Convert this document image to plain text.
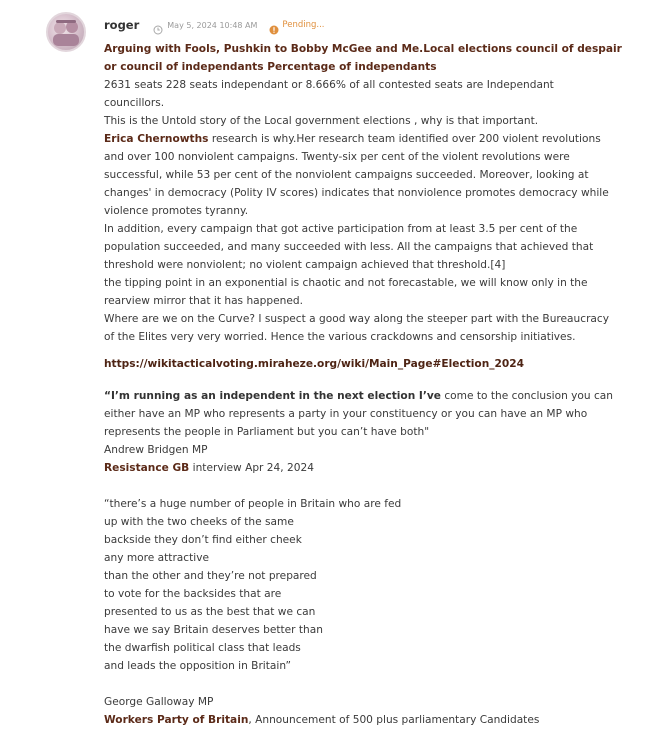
roger	May 5, 2024 10:48 AM	Pending...

Arguing with Fools, Pushkin to Bobby McGee and Me.Local elections council of despair

or council of independants Percentage of independants

2631 seats 228 seats independant or 8.666% of all contested seats are Independant

councillors.

This is the Untold story of the Local government elections , why is that important.

Erica Chernowths research is why.Her research team identified over 200 violent revolutions

and over 100 nonviolent campaigns. Twenty-six per cent of the violent revolutions were

successful, while 53 per cent of the nonviolent campaigns succeeded. Moreover, looking at

changes' in democracy (Polity IV scores) indicates that nonviolence promotes democracy while

violence promotes tyranny.

In addition, every campaign that got active participation from at least 3.5 per cent of the

population succeeded, and many succeeded with less. All the campaigns that achieved that

threshold were nonviolent; no violent campaign achieved that threshold.[4]

the tipping point in an exponential is chaotic and not forecastable, we will know only in the

rearview mirror that it has happened.

Where are we on the Curve? I suspect a good way along the steeper part with the Bureaucracy

of the Elites very very worried. Hence the various crackdowns and censorship initiatives.

https://wikitacticalvoting.miraheze.org/wiki/Main_Page#Election_2024

“I’m running as an independent in the next election I’ve come to the conclusion you can

either have an MP who represents a party in your constituency or you can have an MP who

represents the people in Parliament but you can’t have both"

Andrew Bridgen MP

Resistance GB interview Apr 24, 2024

“there’s a huge number of people in Britain who are fed

up with the two cheeks of the same

backside they don’t find either cheek

any more attractive

than the other and they’re not prepared

to vote for the backsides that are

presented to us as the best that we can

have we say Britain deserves better than

the dwarfish political class that leads

and leads the opposition in Britain”

George Galloway MP

Workers Party of Britain, Announcement of 500 plus parliamentary Candidates
